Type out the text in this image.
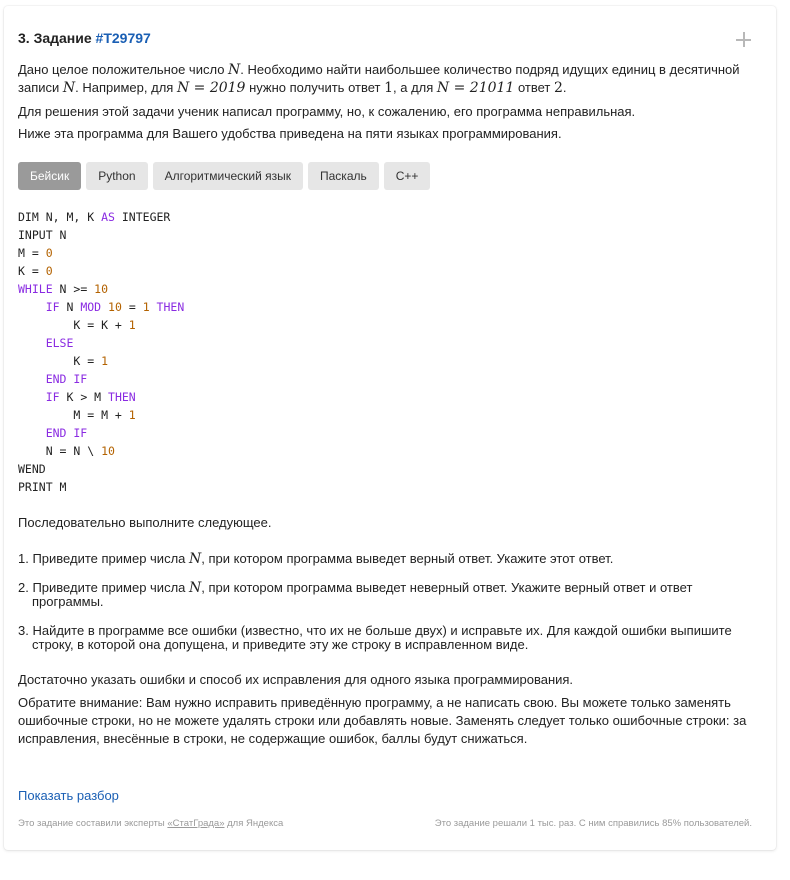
3. Задание #T29797
Дано целое положительное число N. Необходимо найти наибольшее количество подряд идущих единиц в десятичной
записи N. Например, для N = 2019 нужно получить ответ 1, а для N = 21011 ответ 2.
Для решения этой задачи ученик написал программу, но, к сожалению, его программа неправильная.
Ниже эта программа для Вашего удобства приведена на пяти языках программирования.
Бейсик	Python	Алгоритмический язык	Паскаль	C++
DIM N, M, K AS INTEGER
INPUT N
M = 0
K = 0
WHILE N >= 10
IF N MOD 10 = 1 THEN
K = K + 1
ELSE
K = 1
END IF
IF K > M THEN
M = M + 1
END IF
N = N \ 10
WEND
PRINT M
Последовательно выполните следующее.
1. Приведите пример числа N, при котором программа выведет верный ответ. Укажите этот ответ.
2. Приведите пример числа N, при котором программа выведет неверный ответ. Укажите верный ответ и ответ
программы.
3. Найдите в программе все ошибки (известно, что их не больше двух) и исправьте их. Для каждой ошибки выпишите
строку, в которой она допущена, и приведите эту же строку в исправленном виде.
Достаточно указать ошибки и способ их исправления для одного языка программирования.
Обратите внимание: Вам нужно исправить приведённую программу, а не написать свою. Вы можете только заменять
ошибочные строки, но не можете удалять строки или добавлять новые. Заменять следует только ошибочные строки: за
исправления, внесённые в строки, не содержащие ошибок, баллы будут снижаться.
Показать разбор
Это задание составили эксперты «СтатГрада» для Яндекса	Это задание решали 1 тыс. раз. С ним справились 85% пользователей.
